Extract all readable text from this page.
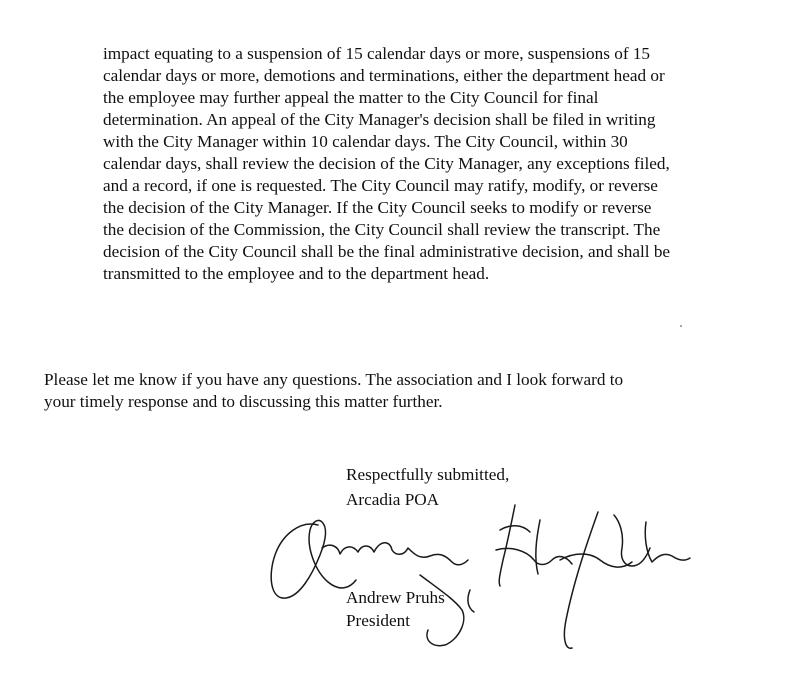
impact equating to a suspension of 15 calendar days or more, suspensions of 15
calendar days or more, demotions and terminations, either the department head or
the employee may further appeal the matter to the City Council for final
determination. An appeal of the City Manager's decision shall be filed in writing
with the City Manager within 10 calendar days. The City Council, within 30
calendar days, shall review the decision of the City Manager, any exceptions filed,
and a record, if one is requested. The City Council may ratify, modify, or reverse
the decision of the City Manager. If the City Council seeks to modify or reverse
the decision of the Commission, the City Council shall review the transcript. The
decision of the City Council shall be the final administrative decision, and shall be
transmitted to the employee and to the department head.

Please let me know if you have any questions. The association and I look forward to
your timely response and to discussing this matter further.

Respectfully submitted,
Arcadia POA
Andrew Pruhs
President
